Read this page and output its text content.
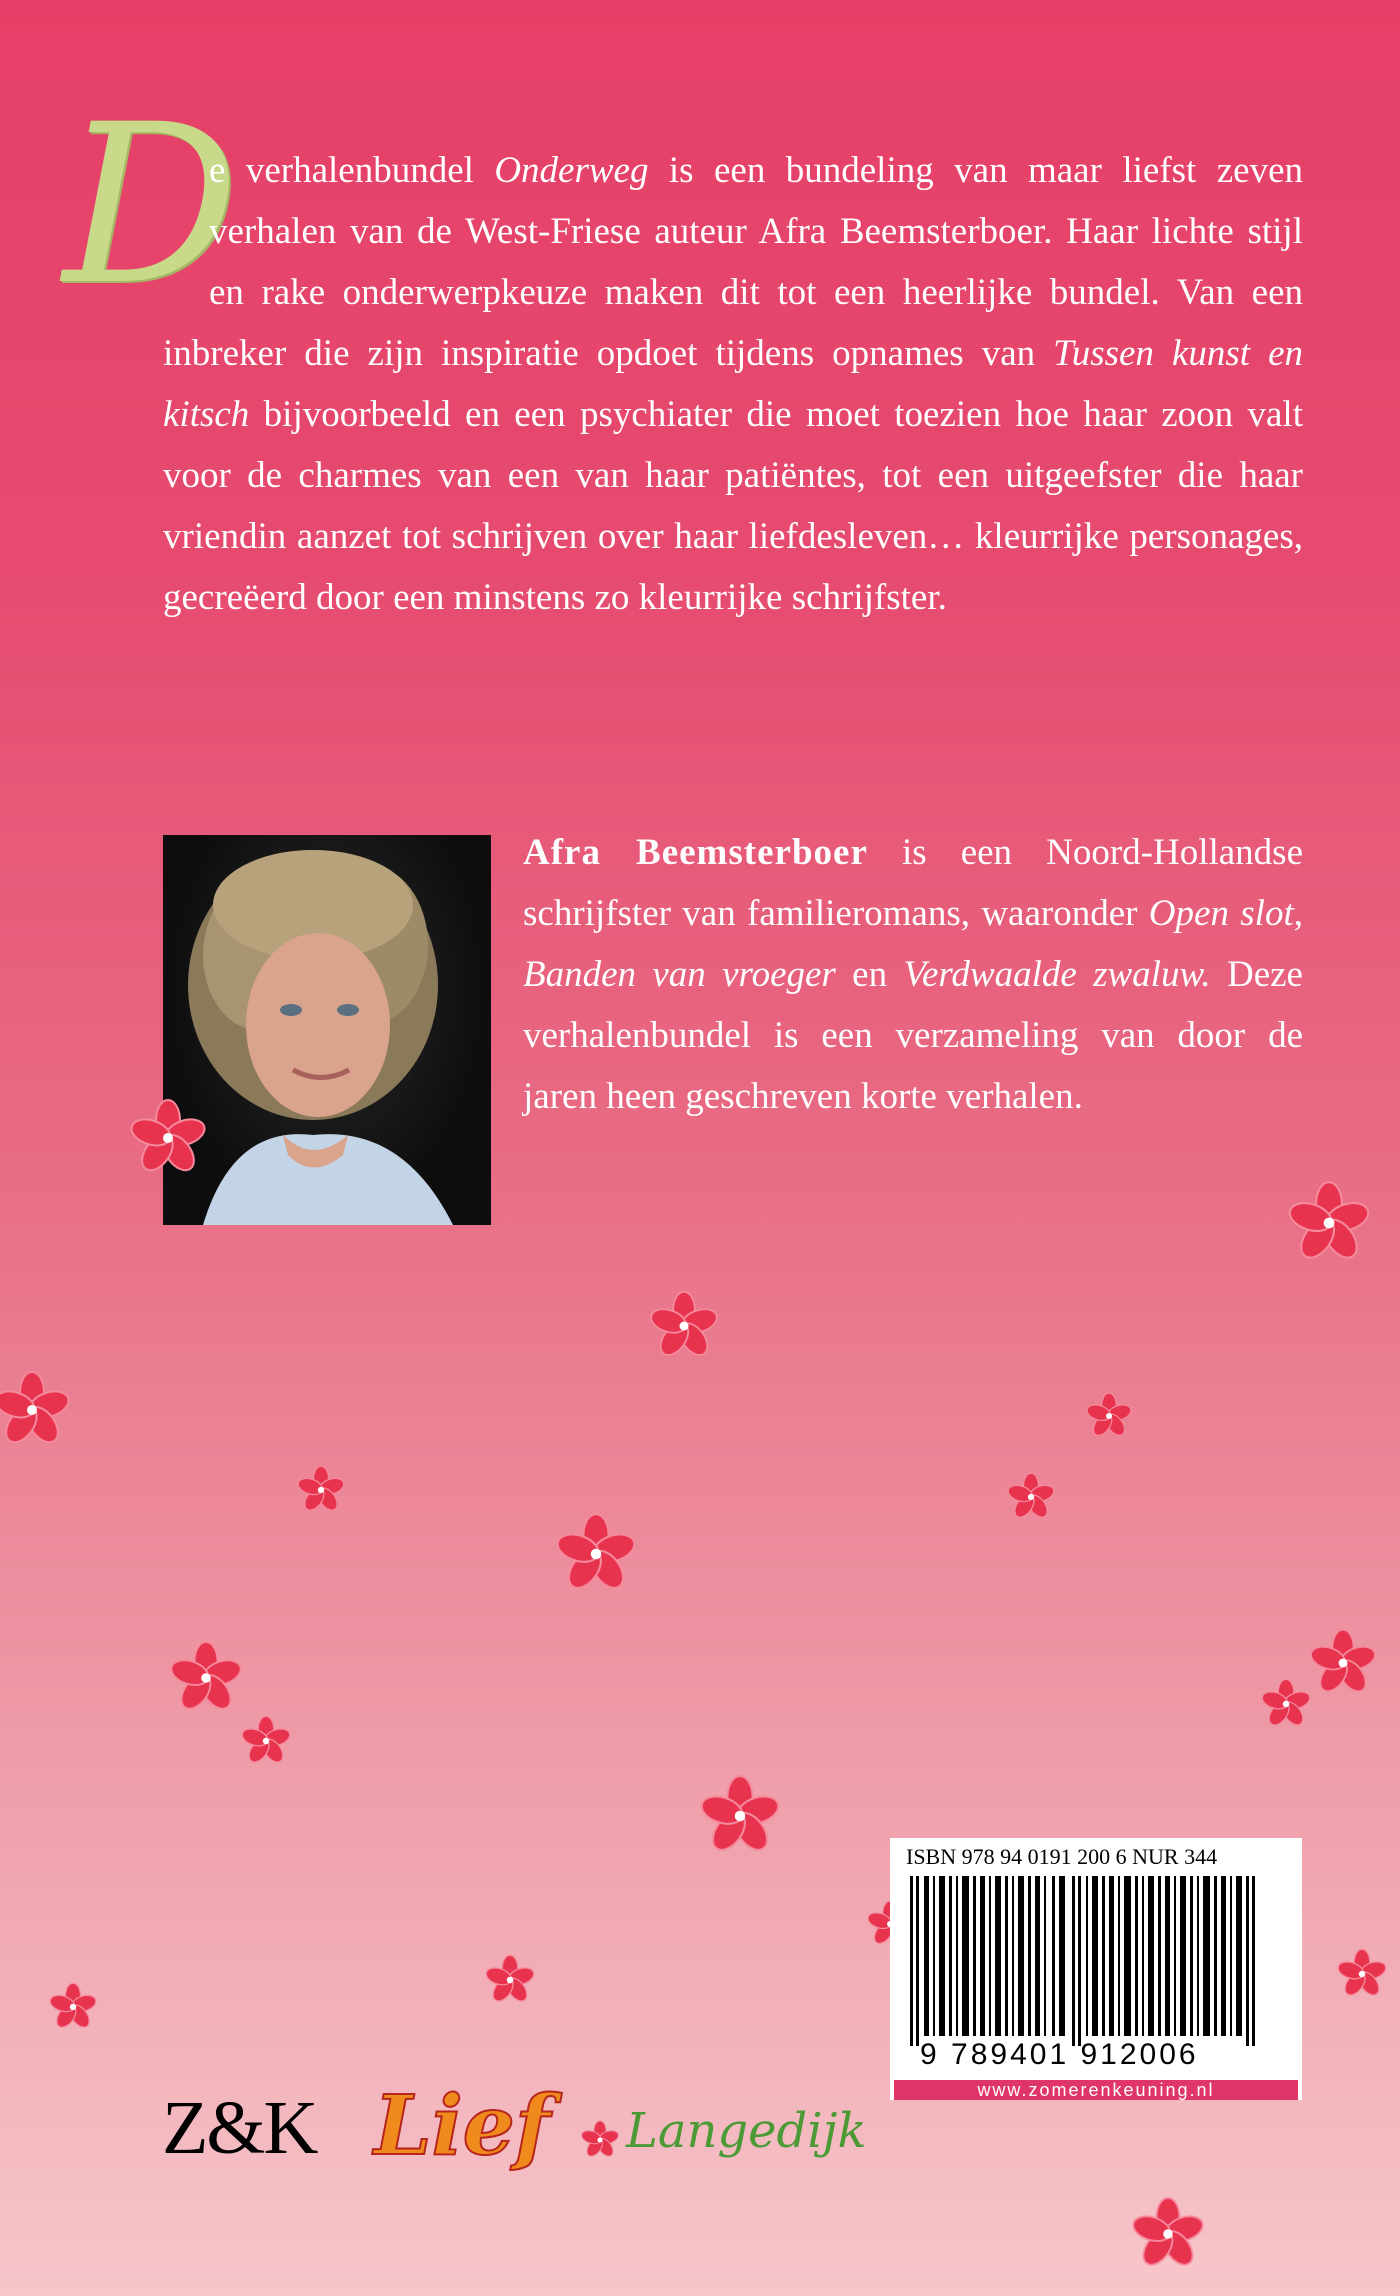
D

e verhalenbundel Onderweg is een bundeling van maar liefst zeven verhalen van de West-Friese auteur Afra Beemsterboer. Haar lichte stijl en rake onderwerpkeuze maken dit tot een heerlijke bundel. Van een inbreker die zijn inspiratie opdoet tijdens opnames van Tussen kunst en kitsch bijvoorbeeld en een psychiater die moet toezien hoe haar zoon valt voor de charmes van een van haar patiëntes, tot een uitgeefster die haar vriendin aanzet tot schrijven over haar liefdesleven… kleurrijke personages, gecreëerd door een minstens zo kleurrijke schrijfster.

Afra Beemsterboer is een Noord-Hollandse schrijfster van familieromans, waaronder Open slot, Banden van vroeger en Verdwaalde zwaluw. Deze verhalenbundel is een verzameling van door de jaren heen geschreven korte verhalen.
ISBN 978 94 0191 200 6 NUR 344
9 789401 912006
www.zomerenkeuning.nl
Z&K Lief Langedijk
